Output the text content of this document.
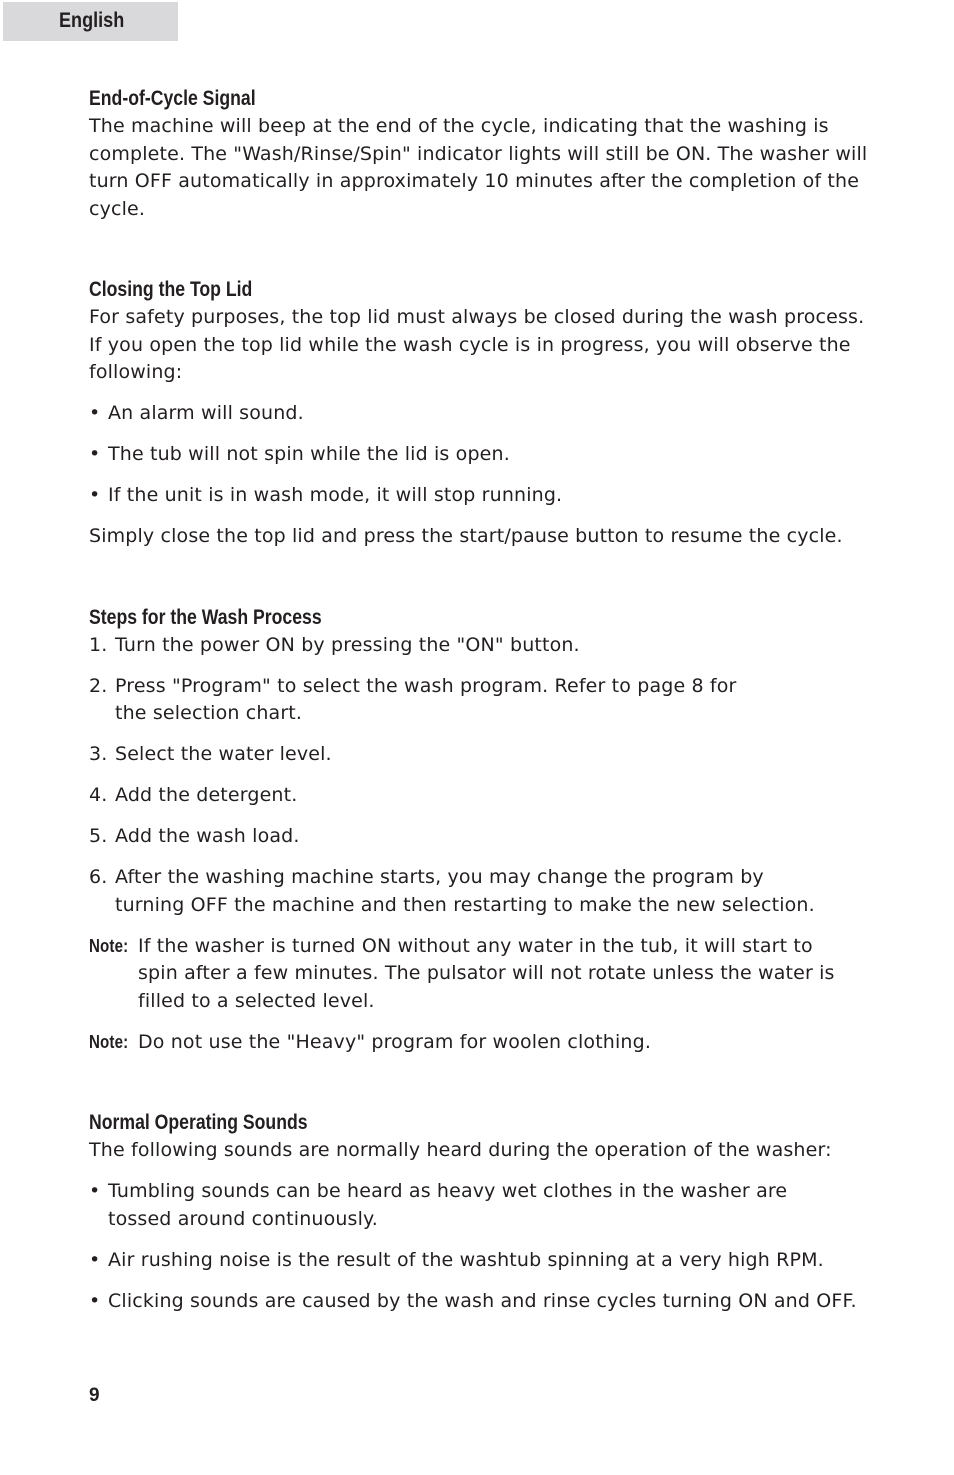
English
End-of-Cycle Signal

The machine will beep at the end of the cycle, indicating that the washing is complete. The "Wash/Rinse/Spin" indicator lights will still be ON. The washer will turn OFF automatically in approximately 10 minutes after the completion of the cycle.

Closing the Top Lid

For safety purposes, the top lid must always be closed during the wash process. If you open the top lid while the wash cycle is in progress, you will observe the following:

• An alarm will sound.
• The tub will not spin while the lid is open.
• If the unit is in wash mode, it will stop running.

Simply close the top lid and press the start/pause button to resume the cycle.

Steps for the Wash Process
1. Turn the power ON by pressing the "ON" button.
2. Press "Program" to select the wash program. Refer to page 8 for the selection chart.
3. Select the water level.
4. Add the detergent.
5. Add the wash load.
6. After the washing machine starts, you may change the program by turning OFF the machine and then restarting to make the new selection.
Note: If the washer is turned ON without any water in the tub, it will start to spin after a few minutes. The pulsator will not rotate unless the water is filled to a selected level.
Note: Do not use the "Heavy" program for woolen clothing.
Normal Operating Sounds

The following sounds are normally heard during the operation of the washer:

• Tumbling sounds can be heard as heavy wet clothes in the washer are tossed around continuously.
• Air rushing noise is the result of the washtub spinning at a very high RPM.
• Clicking sounds are caused by the wash and rinse cycles turning ON and OFF.
9
